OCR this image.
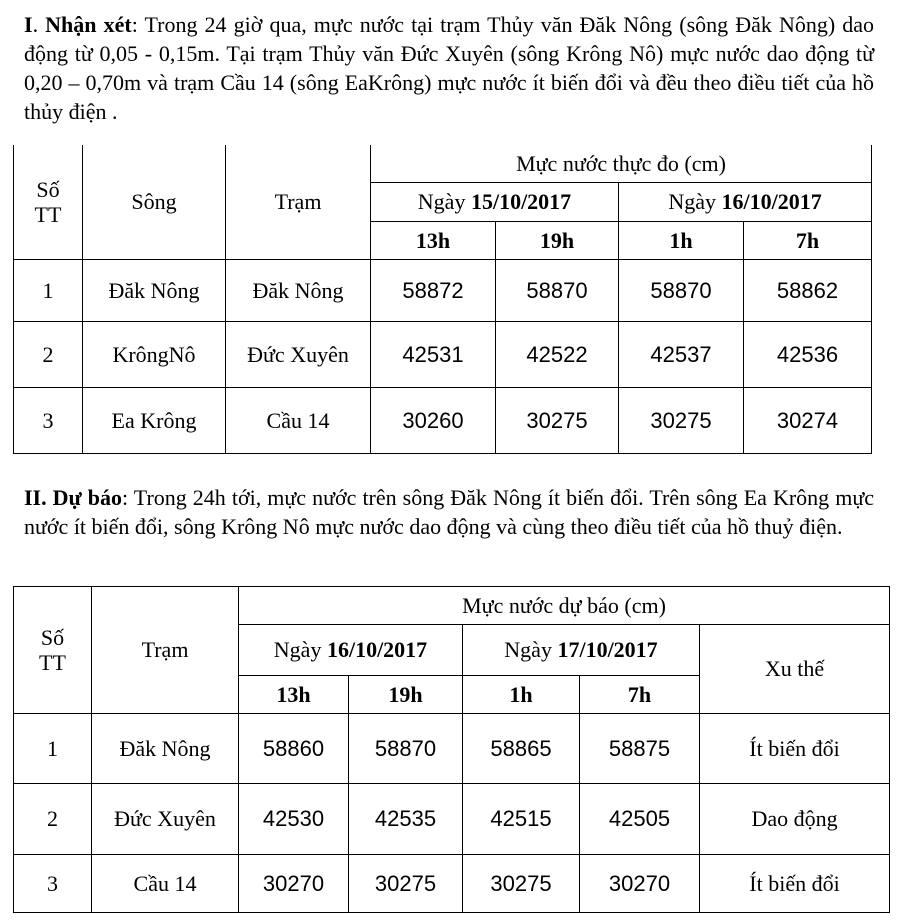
I. Nhận xét: Trong 24 giờ qua, mực nước tại trạm Thủy văn Đăk Nông (sông Đăk Nông) dao động từ 0,05 - 0,15m. Tại trạm Thủy văn Đức Xuyên (sông Krông Nô) mực nước dao động từ 0,20 – 0,70m và trạm Cầu 14 (sông EaKrông) mực nước ít biến đổi và đều theo điều tiết của hồ thủy điện .

Số TT	Sông	Trạm	Mực nước thực đo (cm)			
			Ngày 15/10/2017		Ngày 16/10/2017	
			13h	19h	1h	7h
1	Đăk Nông	Đăk Nông	58872	58870	58870	58862
2	KrôngNô	Đức Xuyên	42531	42522	42537	42536
3	Ea Krông	Cầu 14	30260	30275	30275	30274

II. Dự báo: Trong 24h tới, mực nước trên sông Đăk Nông ít biến đổi. Trên sông Ea Krông mực nước ít biến đổi, sông Krông Nô mực nước dao động và cùng theo điều tiết của hồ thuỷ điện.

Số TT	Trạm	Mực nước dự báo (cm)				
		Ngày 16/10/2017		Ngày 17/10/2017		Xu thế
		13h	19h	1h	7h	
1	Đăk Nông	58860	58870	58865	58875	Ít biến đổi
2	Đức Xuyên	42530	42535	42515	42505	Dao động
3	Cầu 14	30270	30275	30275	30270	Ít biến đổi
